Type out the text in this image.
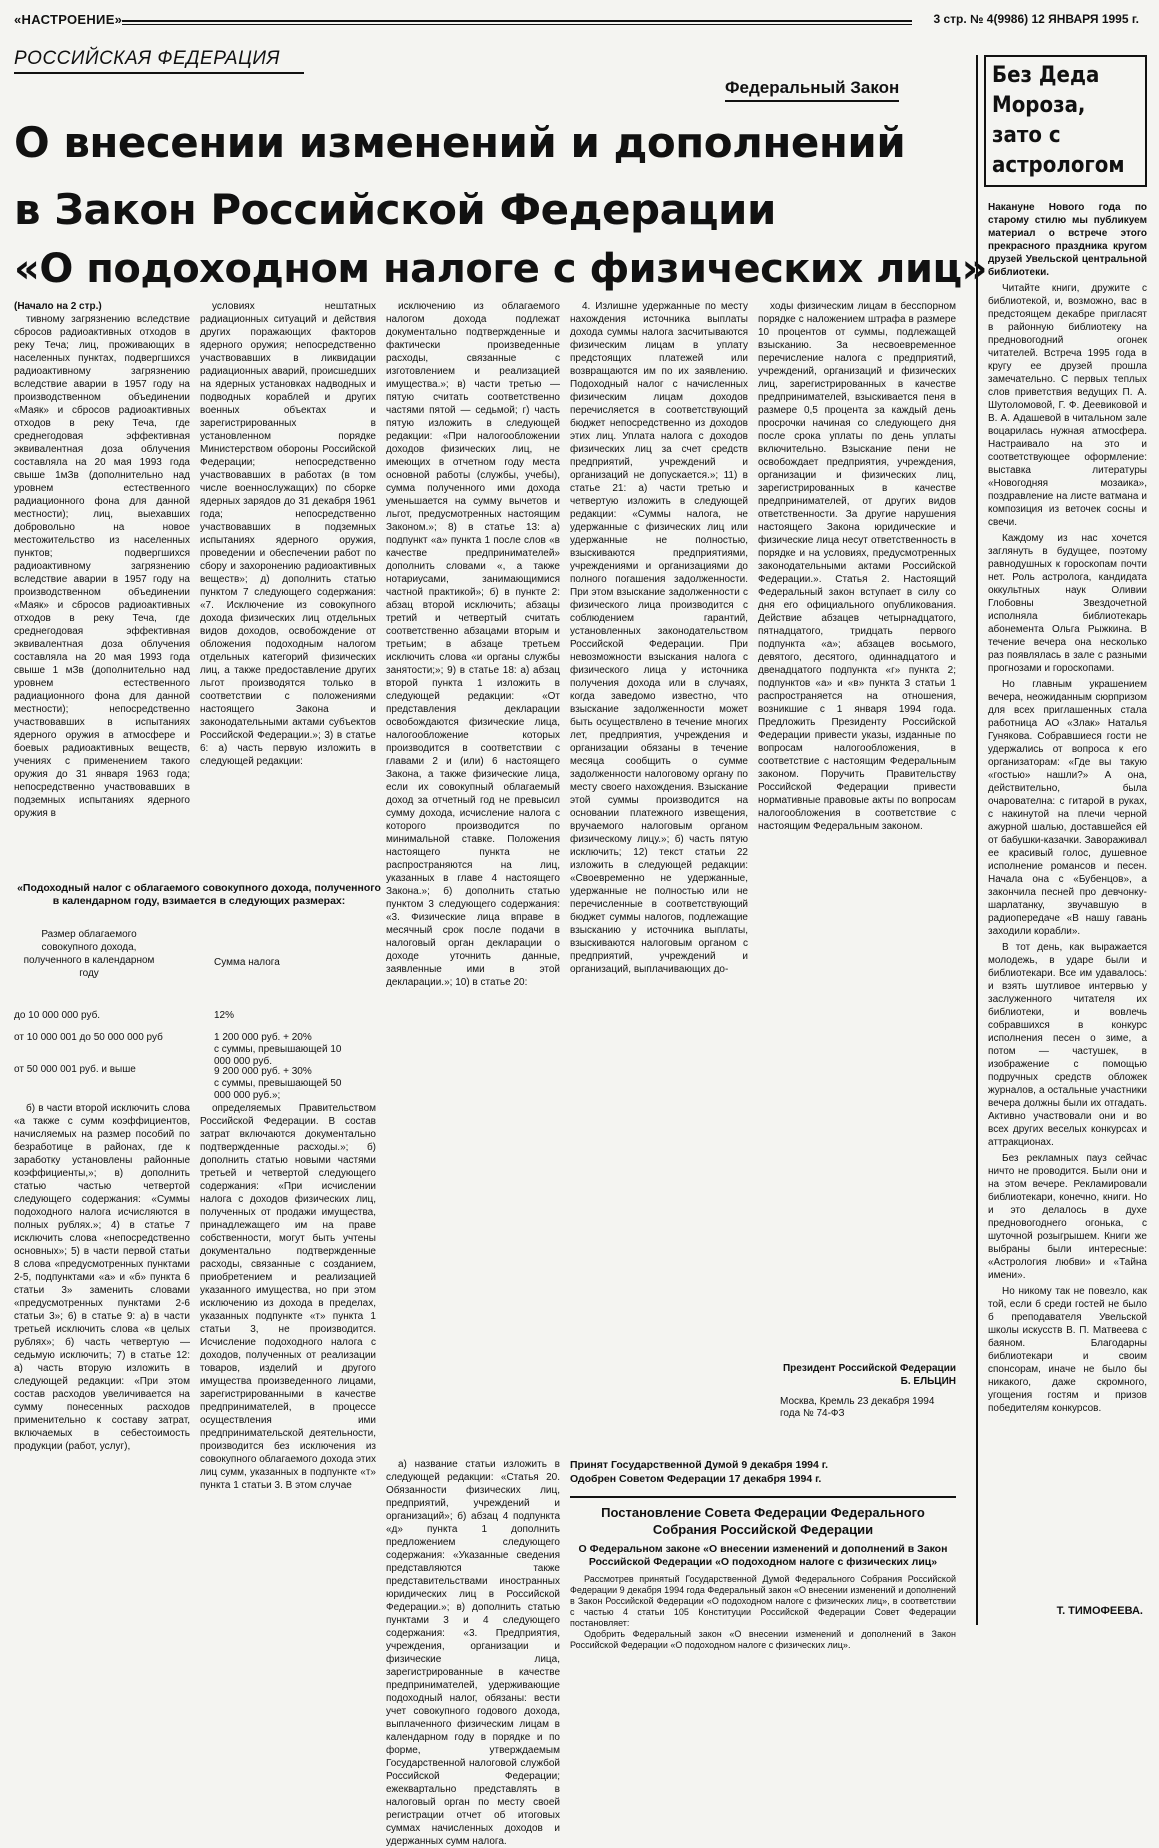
«НАСТРОЕНИЕ»	3 стр. № 4(9986) 12 ЯНВАРЯ 1995 г.
РОССИЙСКАЯ ФЕДЕРАЦИЯ
Федеральный Закон
О внесении изменений и дополнений
в Закон Российской Федерации
«О подоходном налоге с физических лиц»

(Начало на 2 стр.)

тивному загрязнению вследствие сбросов радиоактивных отходов в реку Теча; лиц, проживающих в населенных пунктах, подвергшихся радиоактивному загрязнению вследствие аварии в 1957 году на производственном объединении «Маяк» и сбросов радиоактивных отходов в реку Теча, где среднегодовая эффективная эквивалентная доза облучения составляла на 20 мая 1993 года свыше 1мЗв (дополнительно над уровнем естественного радиационного фона для данной местности); лиц, выехавших добровольно на новое местожительство из населенных пунктов; подвергшихся радиоактивному загрязнению вследствие аварии в 1957 году на производственном объединении «Маяк» и сбросов радиоактивных отходов в реку Теча, где среднегодовая эффективная эквивалентная доза облучения составляла на 20 мая 1993 года свыше 1 мЗв (дополнительно над уровнем естественного радиационного фона для данной местности); непосредственно участвовавших в испытаниях ядерного оружия в атмосфере и боевых радиоактивных веществ, учениях с применением такого оружия до 31 января 1963 года; непосредственно участвовавших в подземных испытаниях ядерного оружия в

условиях нештатных радиационных ситуаций и действия других поражающих факторов ядерного оружия; непосредственно участвовавших в ликвидации радиационных аварий, происшедших на ядерных установках надводных и подводных кораблей и других военных объектах и зарегистрированных в установленном порядке Министерством обороны Российской Федерации; непосредственно участвовавших в работах (в том числе военнослужащих) по сборке ядерных зарядов до 31 декабря 1961 года; непосредственно участвовавших в подземных испытаниях ядерного оружия, проведении и обеспечении работ по сбору и захоронению радиоактивных веществ»; д) дополнить статью пунктом 7 следующего содержания: «7. Исключение из совокупного дохода физических лиц отдельных видов доходов, освобождение от обложения подоходным налогом отдельных категорий физических лиц, а также предоставление других льгот производятся только в соответствии с положениями настоящего Закона и законодательными актами субъектов Российской Федерации.»; 3) в статье 6: а) часть первую изложить в следующей редакции:

исключению из облагаемого налогом дохода подлежат документально подтвержденные и фактически произведенные расходы, связанные с изготовлением и реализацией имущества.»; в) части третью — пятую считать соответственно частями пятой — седьмой; г) часть пятую изложить в следующей редакции: «При налогообложении доходов физических лиц, не имеющих в отчетном году места основной работы (службы, учебы), сумма полученного ими дохода уменьшается на сумму вычетов и льгот, предусмотренных настоящим Законом.»; 8) в статье 13: а) подпункт «а» пункта 1 после слов «в качестве предпринимателей» дополнить словами «, а также нотариусами, занимающимися частной практикой»; б) в пункте 2: абзац второй исключить; абзацы третий и четвертый считать соответственно абзацами вторым и третьим; в абзаце третьем исключить слова «и органы службы занятости;»; 9) в статье 18: а) абзац второй пункта 1 изложить в следующей редакции: «От представления декларации освобождаются физические лица, налогообложение которых производится в соответствии с главами 2 и (или) 6 настоящего Закона, а также физические лица, если их совокупный облагаемый доход за отчетный год не превысил сумму дохода, исчисление налога с которого производится по минимальной ставке. Положения настоящего пункта не распространяются на лиц, указанных в главе 4 настоящего Закона.»; б) дополнить статью пунктом 3 следующего содержания: «3. Физические лица вправе в месячный срок после подачи в налоговый орган декларации о доходе уточнить данные, заявленные ими в этой декларации.»; 10) в статье 20:

4. Излишне удержанные по месту нахождения источника выплаты дохода суммы налога засчитываются физическим лицам в уплату предстоящих платежей или возвращаются им по их заявлению. Подоходный налог с начисленных физическим лицам доходов перечисляется в соответствующий бюджет непосредственно из доходов этих лиц. Уплата налога с доходов физических лиц за счет средств предприятий, учреждений и организаций не допускается.»; 11) в статье 21: а) части третью и четвертую изложить в следующей редакции: «Суммы налога, не удержанные с физических лиц или удержанные не полностью, взыскиваются предприятиями, учреждениями и организациями до полного погашения задолженности. При этом взыскание задолженности с физического лица производится с соблюдением гарантий, установленных законодательством Российской Федерации. При невозможности взыскания налога с физического лица у источника получения дохода или в случаях, когда заведомо известно, что взыскание задолженности может быть осуществлено в течение многих лет, предприятия, учреждения и организации обязаны в течение месяца сообщить о сумме задолженности налоговому органу по месту своего нахождения. Взыскание этой суммы производится на основании платежного извещения, вручаемого налоговым органом физическому лицу.»; б) часть пятую исключить; 12) текст статьи 22 изложить в следующей редакции: «Своевременно не удержанные, удержанные не полностью или не перечисленные в соответствующий бюджет суммы налогов, подлежащие взысканию у источника выплаты, взыскиваются налоговым органом с предприятий, учреждений и организаций, выплачивающих до-

ходы физическим лицам в бесспорном порядке с наложением штрафа в размере 10 процентов от суммы, подлежащей взысканию. За несвоевременное перечисление налога с предприятий, учреждений, организаций и физических лиц, зарегистрированных в качестве предпринимателей, взыскивается пеня в размере 0,5 процента за каждый день просрочки начиная со следующего дня после срока уплаты по день уплаты включительно. Взыскание пени не освобождает предприятия, учреждения, организации и физических лиц, зарегистрированных в качестве предпринимателей, от других видов ответственности. За другие нарушения настоящего Закона юридические и физические лица несут ответственность в порядке и на условиях, предусмотренных законодательными актами Российской Федерации.». Статья 2. Настоящий Федеральный закон вступает в силу со дня его официального опубликования. Действие абзацев четырнадцатого, пятнадцатого, тридцать первого подпункта «а»; абзацев восьмого, девятого, десятого, одиннадцатого и двенадцатого подпункта «г» пункта 2; подпунктов «а» и «в» пункта 3 статьи 1 распространяется на отношения, возникшие с 1 января 1994 года. Предложить Президенту Российской Федерации привести указы, изданные по вопросам налогообложения, в соответствие с настоящим Федеральным законом. Поручить Правительству Российской Федерации привести нормативные правовые акты по вопросам налогообложения в соответствие с настоящим Федеральным законом.

«Подоходный налог с облагаемого совокупного дохода, полученного в календарном году, взимается в следующих размерах:
Размер облагаемого совокупного дохода, полученного в календарном году
Сумма налога
до 10 000 000 руб.	12%
от 10 000 001 до 50 000 000 руб	1 200 000 руб. + 20%
с суммы, превышающей 10 000 000 руб.
от 50 000 001 руб. и выше	9 200 000 руб. + 30%
с суммы, превышающей 50 000 000 руб.»;

б) в части второй исключить слова «а также с сумм коэффициентов, начисляемых на размер пособий по безработице в районах, где к заработку установлены районные коэффициенты,»; в) дополнить статью частью четвертой следующего содержания: «Суммы подоходного налога исчисляются в полных рублях.»; 4) в статье 7 исключить слова «непосредственно основных»; 5) в части первой статьи 8 слова «предусмотренных пунктами 2-5, подпунктами «а» и «б» пункта 6 статьи 3» заменить словами «предусмотренных пунктами 2-6 статьи 3»; 6) в статье 9: а) в части третьей исключить слова «в целых рублях»; б) часть четвертую — седьмую исключить; 7) в статье 12: а) часть вторую изложить в следующей редакции: «При этом состав расходов увеличивается на сумму понесенных расходов применительно к составу затрат, включаемых в себестоимость продукции (работ, услуг),

определяемых Правительством Российской Федерации. В состав затрат включаются документально подтвержденные расходы.»; б) дополнить статью новыми частями третьей и четвертой следующего содержания: «При исчислении налога с доходов физических лиц, полученных от продажи имущества, принадлежащего им на праве собственности, могут быть учтены документально подтвержденные расходы, связанные с созданием, приобретением и реализацией указанного имущества, но при этом исключению из дохода в пределах, указанных подпункте «т» пункта 1 статьи 3, не производится. Исчисление подоходного налога с доходов, полученных от реализации товаров, изделий и другого имущества произведенного лицами, зарегистрированными в качестве предпринимателей, в процессе осуществления ими предпринимательской деятельности, производится без исключения из совокупного облагаемого дохода этих лиц сумм, указанных в подпункте «т» пункта 1 статьи 3. В этом случае

а) название статьи изложить в следующей редакции: «Статья 20. Обязанности физических лиц, предприятий, учреждений и организаций»; б) абзац 4 подпункта «д» пункта 1 дополнить предложением следующего содержания: «Указанные сведения представляются также представительствами иностранных юридических лиц в Российской Федерации.»; в) дополнить статью пунктами 3 и 4 следующего содержания: «3. Предприятия, учреждения, организации и физические лица, зарегистрированные в качестве предпринимателей, удерживающие подоходный налог, обязаны: вести учет совокупного годового дохода, выплаченного физическим лицам в календарном году в порядке и по форме, утверждаемым Государственной налоговой службой Российской Федерации; ежеквартально представлять в налоговый орган по месту своей регистрации отчет об итоговых суммах начисленных доходов и удержанных сумм налога.

Президент Российской Федерации
Б. ЕЛЬЦИН
Москва, Кремль 23 декабря 1994 года № 74-ФЗ
Принят Государственной Думой 9 декабря 1994 г.
Одобрен Советом Федерации 17 декабря 1994 г.
Постановление Совета Федерации Федерального Собрания Российской Федерации
О Федеральном законе «О внесении изменений и дополнений в Закон Российской Федерации «О подоходном налоге с физических лиц»

Рассмотрев принятый Государственной Думой Федерального Собрания Российской Федерации 9 декабря 1994 года Федеральный закон «О внесении изменений и дополнений в Закон Российской Федерации «О подоходном налоге с физических лиц», в соответствии с частью 4 статьи 105 Конституции Российской Федерации Совет Федерации постановляет:

Одобрить Федеральный закон «О внесении изменений и дополнений в Закон Российской Федерации «О подоходном налоге с физических лиц».

Без Деда Мороза, зато с астрологом
Накануне Нового года по старому стилю мы публикуем материал о встрече этого прекрасного праздника кругом друзей Увельской центральной библиотеки.

Читайте книги, дружите с библиотекой, и, возможно, вас в предстоящем декабре пригласят в районную библиотеку на предновогодний огонек читателей. Встреча 1995 года в кругу ее друзей прошла замечательно. С первых теплых слов приветствия ведущих П. А. Шутоломовой, Г. Ф. Деевиковой и В. А. Адашевой в читальном зале воцарилась нужная атмосфера. Настраивало на это и соответствующее оформление: выставка литературы «Новогодняя мозаика», поздравление на листе ватмана и композиция из веточек сосны и свечи.

Каждому из нас хочется заглянуть в будущее, поэтому равнодушных к гороскопам почти нет. Роль астролога, кандидата оккультных наук Оливии Глобовны Звездочетной исполняла библиотекарь абонемента Ольга Рыжкина. В течение вечера она несколько раз появлялась в зале с разными прогнозами и гороскопами.

Но главным украшением вечера, неожиданным сюрпризом для всех приглашенных стала работница АО «Злак» Наталья Гунякова. Собравшиеся гости не удержались от вопроса к его организаторам: «Где вы такую «гостью» нашли?» А она, действительно, была очарователна: с гитарой в руках, с накинутой на плечи черной ажурной шалью, доставшейся ей от бабушки-казачки. Завораживал ее красивый голос, душевное исполнение романсов и песен. Начала она с «Бубенцов», а закончила песней про девчонку-шарлатанку, звучавшую в радиопередаче «В нашу гавань заходили корабли».

В тот день, как выражается молодежь, в ударе были и библиотекари. Все им удавалось: и взять шутливое интервью у заслуженного читателя их библиотеки, и вовлечь собравшихся в конкурс исполнения песен о зиме, а потом — частушек, в изображение с помощью подручных средств обложек журналов, а остальные участники вечера должны были их отгадать. Активно участвовали они и во всех других веселых конкурсах и аттракционах.

Без рекламных пауз сейчас ничто не проводится. Были они и на этом вечере. Рекламировали библиотекари, конечно, книги. Но и это делалось в духе предновогоднего огонька, с шуточной розыгрышем. Книги же выбраны были интересные: «Астрология любви» и «Тайна имени».

Но никому так не повезло, как той, если б среди гостей не было б преподавателя Увельской школы искусств В. П. Матвеева с баяном. Благодарны библиотекари и своим спонсорам, иначе не было бы никакого, даже скромного, угощения гостям и призов победителям конкурсов.

Т. ТИМОФЕЕВА.
